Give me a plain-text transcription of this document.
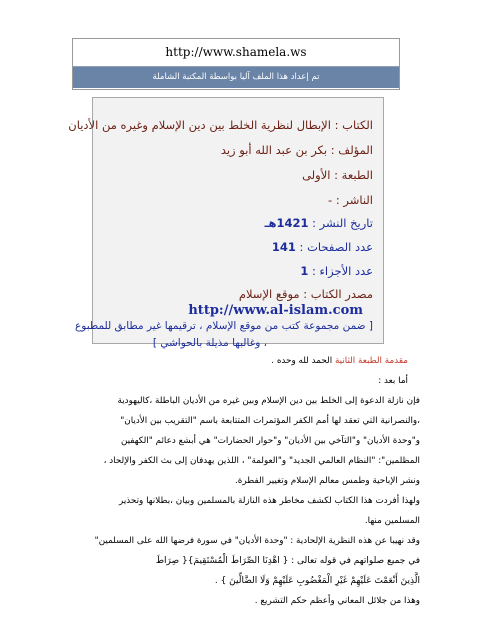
http://www.shamela.ws
تم إعداد هذا الملف آليا بواسطة المكتبة الشاملة
الكتاب : الإبطال لنظرية الخلط بين دين الإسلام وغيره من الأديان
المؤلف : بكر بن عبد الله أبو زيد
الطبعة : الأولى
الناشر : -
تاريخ النشر : 1421هـ
عدد الصفحات : 141
عدد الأجزاء : 1
مصدر الكتاب : موقع الإسلام
http://www.al-islam.com
[ ضمن مجموعة كتب من موقع الإسلام ، ترقيمها غير مطابق للمطبوع
، وغالبها مذيلة بالحواشي ]
مقدمة الطبعة الثانية الحمد لله وحده .
أما بعد :
فإن نازلة الدعوة إلى الخلط بين دين الإسلام وبين غيره من الأديان الباطلة ،كاليهودية
،والنصرانية التي تعقد لها أمم الكفر المؤتمرات المتتابعة باسم "التقريب بين الأديان"
و"وحدة الأديان" و"التآخي بين الأديان" و"حوار الحضارات" هي أبشع دعائم "الكهفين
المظلمين": "النظام العالمي الجديد" و"العولمة" ، اللذين يهدفان إلى بث الكفر والإلحاد ،
ونشر الإباحية وطمس معالم الإسلام وتغيير الفطرة.
ولهذا أفردت هذا الكتاب لكشف مخاطر هذه النازلة بالمسلمين وبيان ،بطلانها وتحذير
المسلمين منها.
وقد نهيبا عن هذه النظرية الإلحادية : "وحدة الأديان" في سورة فرضها الله على المسلمين"
في جميع صلواتهم في قوله تعالى : { اهْدِنَا الصِّرَاطَ الْمُسْتَقِيمَ}{ صِرَاطَ
الَّذِينَ أَنْعَمْتَ عَلَيْهِمْ غَيْرِ الْمَغْضُوبِ عَلَيْهِمْ وَلَا الضَّالِّينَ } .
وهذا من جلائل المعاني وأعظم حكم التشريع .
